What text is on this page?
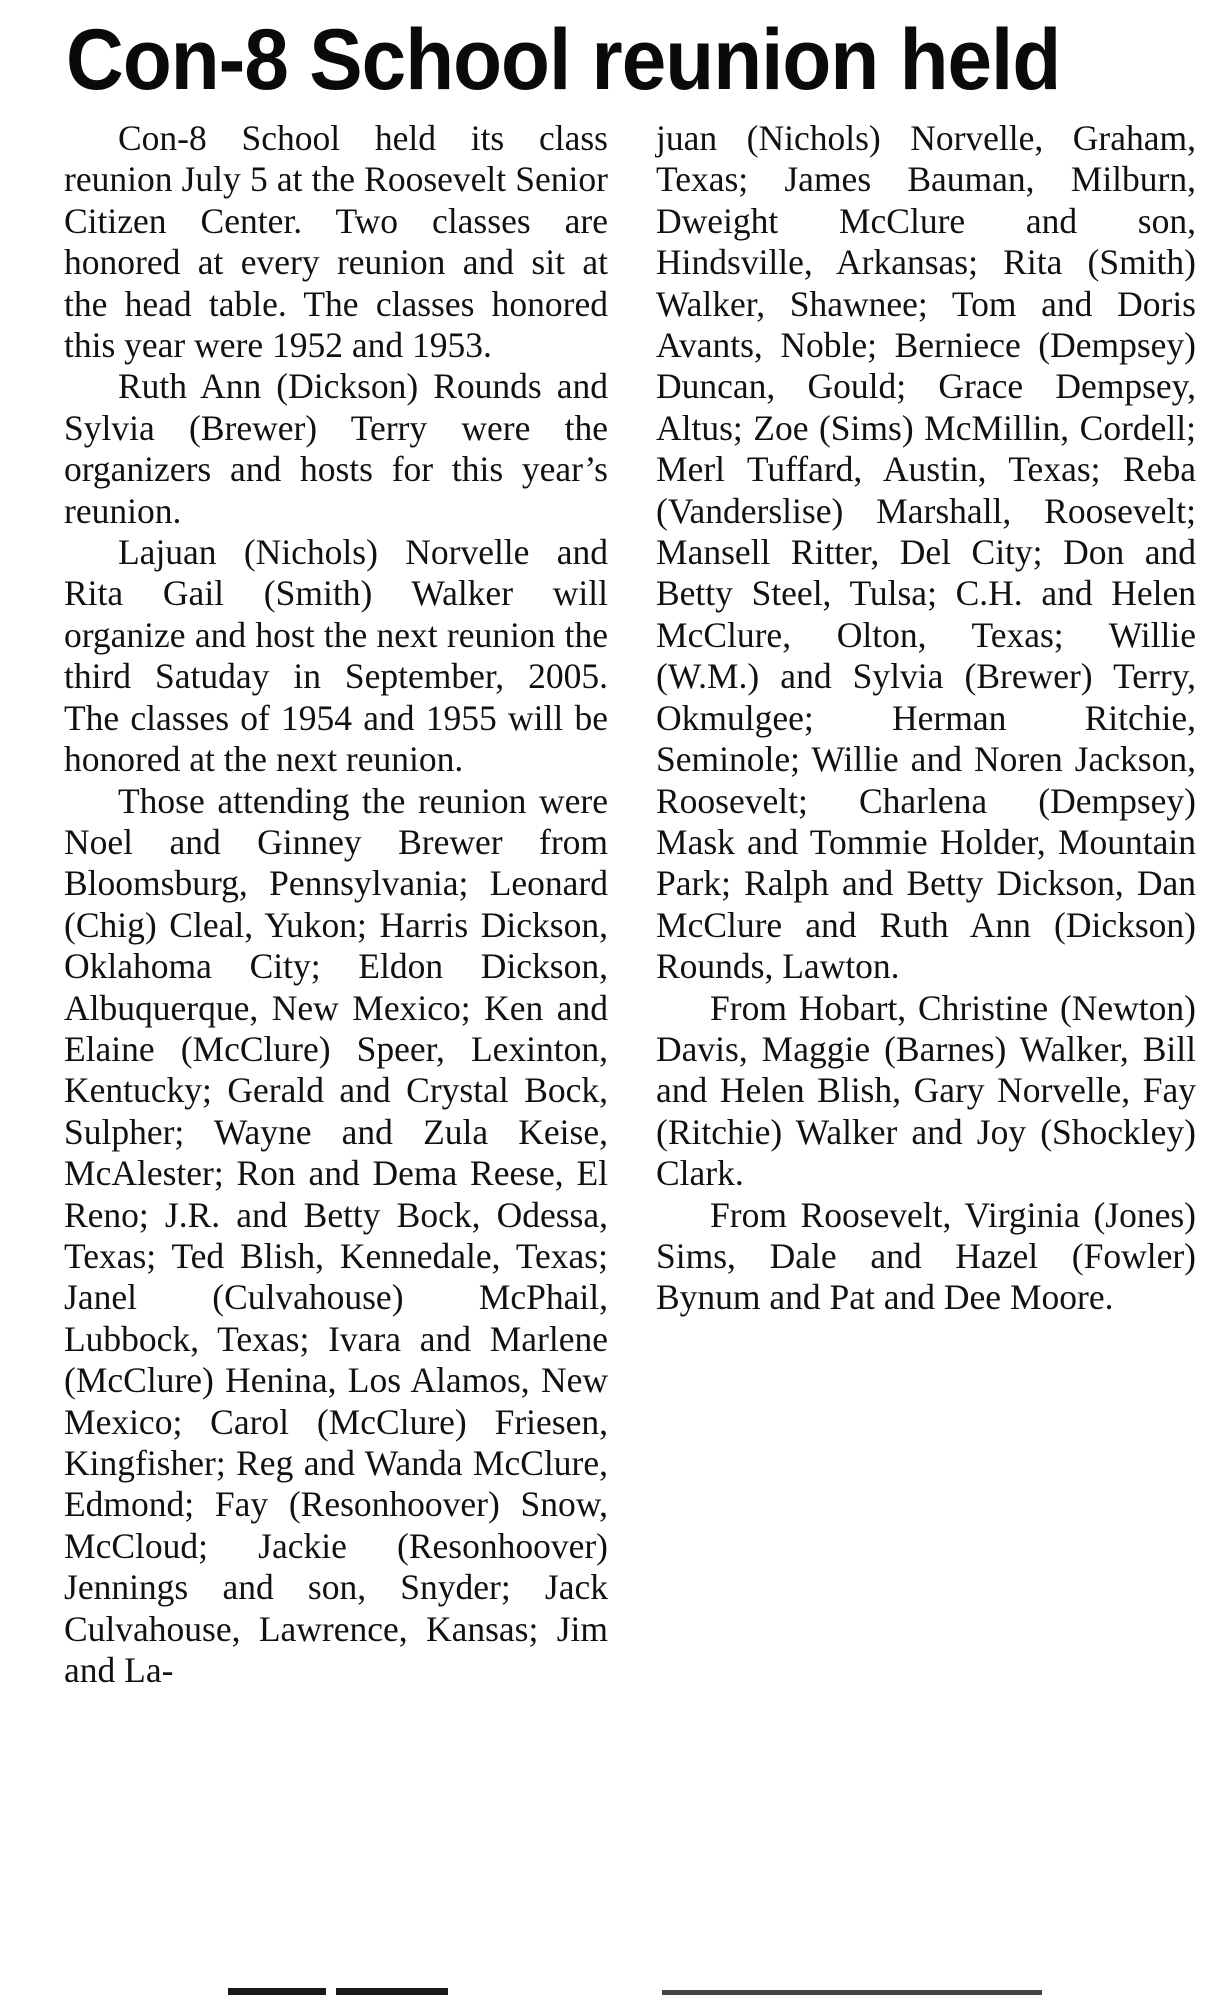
Con-8 School reunion held

Con-8 School held its class reunion July 5 at the Roosevelt Senior Citizen Center. Two classes are honored at every reunion and sit at the head table. The classes honored this year were 1952 and 1953.

Ruth Ann (Dickson) Rounds and Sylvia (Brewer) Terry were the organizers and hosts for this year’s reunion.

Lajuan (Nichols) Norvelle and Rita Gail (Smith) Walker will organize and host the next reunion the third Satuday in September, 2005. The classes of 1954 and 1955 will be honored at the next reunion.

Those attending the reunion were Noel and Ginney Brewer from Bloomsburg, Pennsylvania; Leonard (Chig) Cleal, Yukon; Harris Dickson, Oklahoma City; Eldon Dickson, Albuquerque, New Mexico; Ken and Elaine (McClure) Speer, Lexinton, Kentucky; Gerald and Crystal Bock, Sulpher; Wayne and Zula Keise, McAlester; Ron and Dema Reese, El Reno; J.R. and Betty Bock, Odessa, Texas; Ted Blish, Kennedale, Texas; Janel (Culvahouse) McPhail, Lubbock, Texas; Ivara and Marlene (McClure) Henina, Los Alamos, New Mexico; Carol (McClure) Friesen, Kingfisher; Reg and Wanda McClure, Edmond; Fay (Resonhoover) Snow, McCloud; Jackie (Resonhoover) Jennings and son, Snyder; Jack Culvahouse, Lawrence, Kansas; Jim and La-

juan (Nichols) Norvelle, Graham, Texas; James Bauman, Milburn, Dweight McClure and son, Hindsville, Arkansas; Rita (Smith) Walker, Shawnee; Tom and Doris Avants, Noble; Berniece (Dempsey) Duncan, Gould; Grace Dempsey, Altus; Zoe (Sims) McMillin, Cordell; Merl Tuffard, Austin, Texas; Reba (Vanderslise) Marshall, Roosevelt; Mansell Ritter, Del City; Don and Betty Steel, Tulsa; C.H. and Helen McClure, Olton, Texas; Willie (W.M.) and Sylvia (Brewer) Terry, Okmulgee; Herman Ritchie, Seminole; Willie and Noren Jackson, Roosevelt; Charlena (Dempsey) Mask and Tommie Holder, Mountain Park; Ralph and Betty Dickson, Dan McClure and Ruth Ann (Dickson) Rounds, Lawton.

From Hobart, Christine (Newton) Davis, Maggie (Barnes) Walker, Bill and Helen Blish, Gary Norvelle, Fay (Ritchie) Walker and Joy (Shockley) Clark.

From Roosevelt, Virginia (Jones) Sims, Dale and Hazel (Fowler) Bynum and Pat and Dee Moore.
